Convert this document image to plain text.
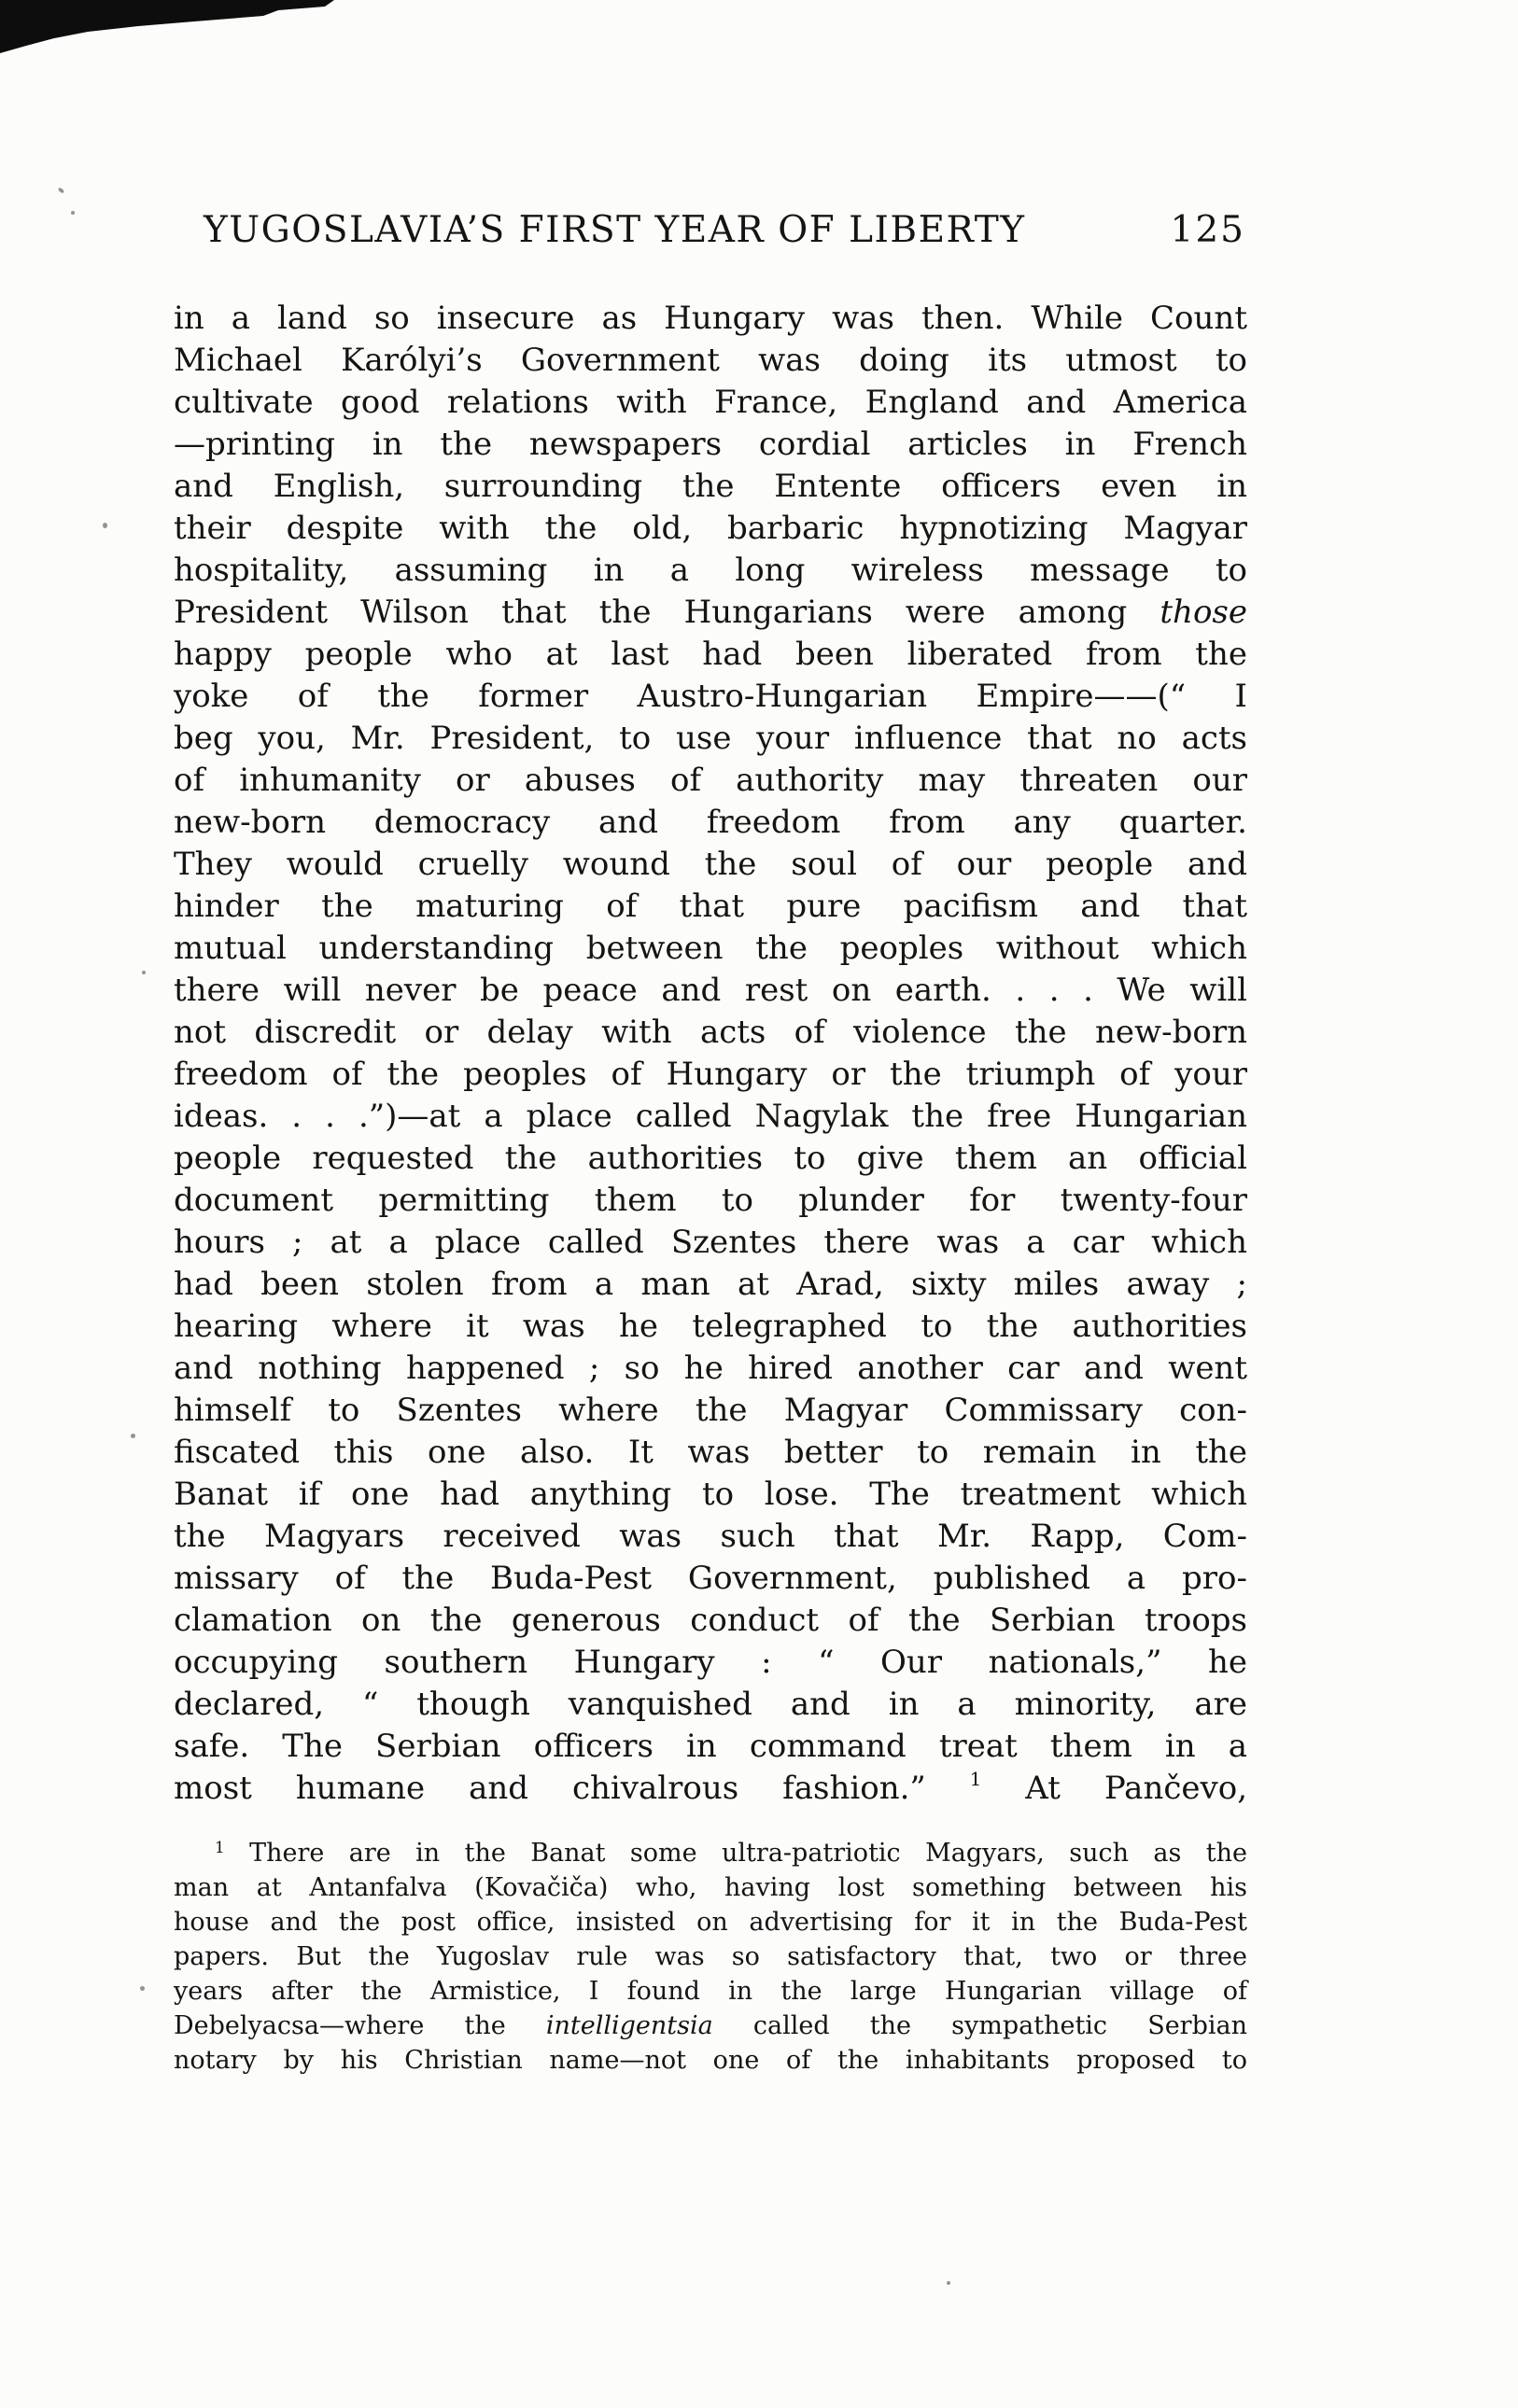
YUGOSLAVIA’S FIRST YEAR OF LIBERTY	125
in a land so insecure as Hungary was then. While Count
Michael Karólyi’s Government was doing its utmost to
cultivate good relations with France, England and America
—printing in the newspapers cordial articles in French
and English, surrounding the Entente officers even in
their despite with the old, barbaric hypnotizing Magyar
hospitality, assuming in a long wireless message to
President Wilson that the Hungarians were among those
happy people who at last had been liberated from the
yoke of the former Austro-Hungarian Empire——(“ I
beg you, Mr. President, to use your influence that no acts
of inhumanity or abuses of authority may threaten our
new-born democracy and freedom from any quarter.
They would cruelly wound the soul of our people and
hinder the maturing of that pure pacifism and that
mutual understanding between the peoples without which
there will never be peace and rest on earth. . . . We will
not discredit or delay with acts of violence the new-born
freedom of the peoples of Hungary or the triumph of your
ideas. . . .”)—at a place called Nagylak the free Hungarian
people requested the authorities to give them an official
document permitting them to plunder for twenty-four
hours ; at a place called Szentes there was a car which
had been stolen from a man at Arad, sixty miles away ;
hearing where it was he telegraphed to the authorities
and nothing happened ; so he hired another car and went
himself to Szentes where the Magyar Commissary con-
fiscated this one also. It was better to remain in the
Banat if one had anything to lose. The treatment which
the Magyars received was such that Mr. Rapp, Com-
missary of the Buda-Pest Government, published a pro-
clamation on the generous conduct of the Serbian troops
occupying southern Hungary : “ Our nationals,” he
declared, “ though vanquished and in a minority, are
safe. The Serbian officers in command treat them in a
most humane and chivalrous fashion.” $^1$ At Pančevo,
$^1$ There are in the Banat some ultra-patriotic Magyars, such as the
man at Antanfalva (Kovačiča) who, having lost something between his
house and the post office, insisted on advertising for it in the Buda-Pest
papers. But the Yugoslav rule was so satisfactory that, two or three
years after the Armistice, I found in the large Hungarian village of
Debelyacsa—where the intelligentsia called the sympathetic Serbian
notary by his Christian name—not one of the inhabitants proposed to
